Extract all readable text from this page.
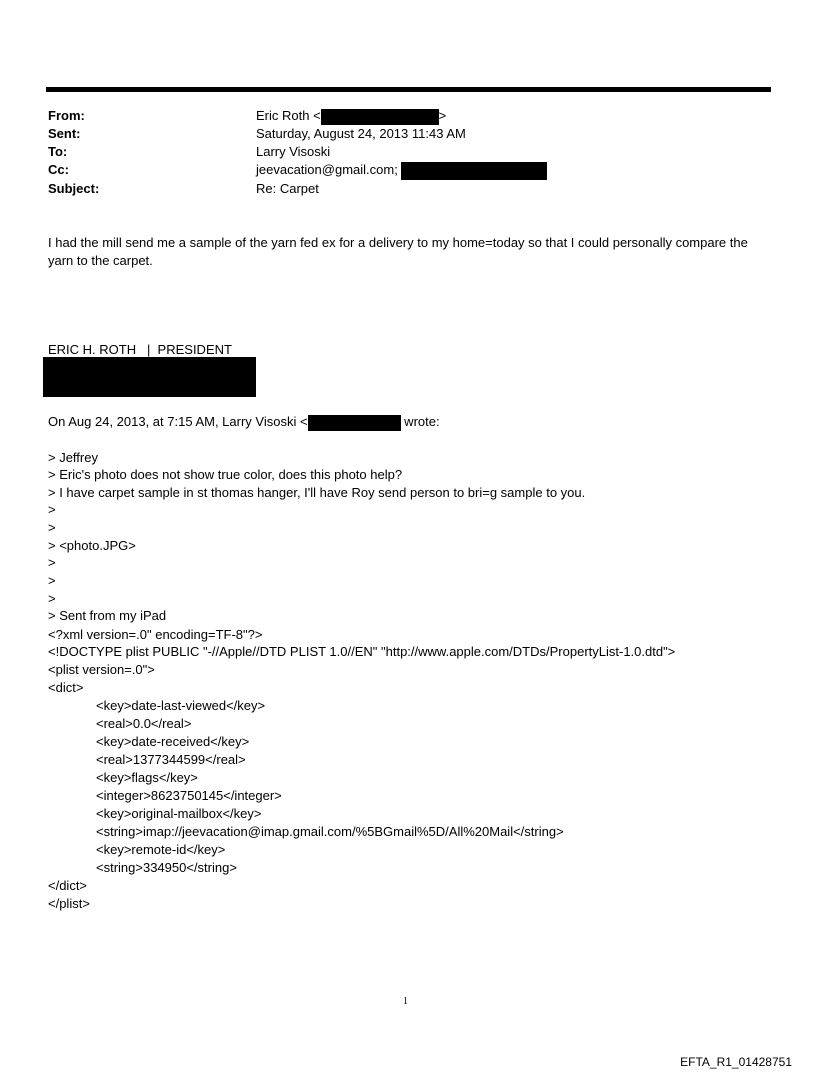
From:	Eric Roth <	>
Sent:	Saturday, August 24, 2013 11:43 AM
To:	Larry Visoski
Cc:	jeevacation@gmail.com;
Subject:	Re: Carpet
I had the mill send me a sample of the yarn fed ex for a delivery to my home=today so that I could personally compare the yarn to the carpet.
ERIC H. ROTH   |  PRESIDENT
On Aug 24, 2013, at 7:15 AM, Larry Visoski <	wrote:
> Jeffrey
> Eric's photo does not show true color, does this photo help?
> I have carpet sample in st thomas hanger, I'll have Roy send person to bri=g sample to you.
>
>
> <photo.JPG>
>
>
>
> Sent from my iPad
<?xml version=.0" encoding=TF-8"?>
<!DOCTYPE plist PUBLIC "-//Apple//DTD PLIST 1.0//EN" "http://www.apple.com/DTDs/PropertyList-1.0.dtd">
<plist version=.0">
<dict>
<key>date-last-viewed</key>
<real>0.0</real>
<key>date-received</key>
<real>1377344599</real>
<key>flags</key>
<integer>8623750145</integer>
<key>original-mailbox</key>
<string>imap://jeevacation@imap.gmail.com/%5BGmail%5D/All%20Mail</string>
<key>remote-id</key>
<string>334950</string>
</dict>
</plist>
1
EFTA_R1_01428751
